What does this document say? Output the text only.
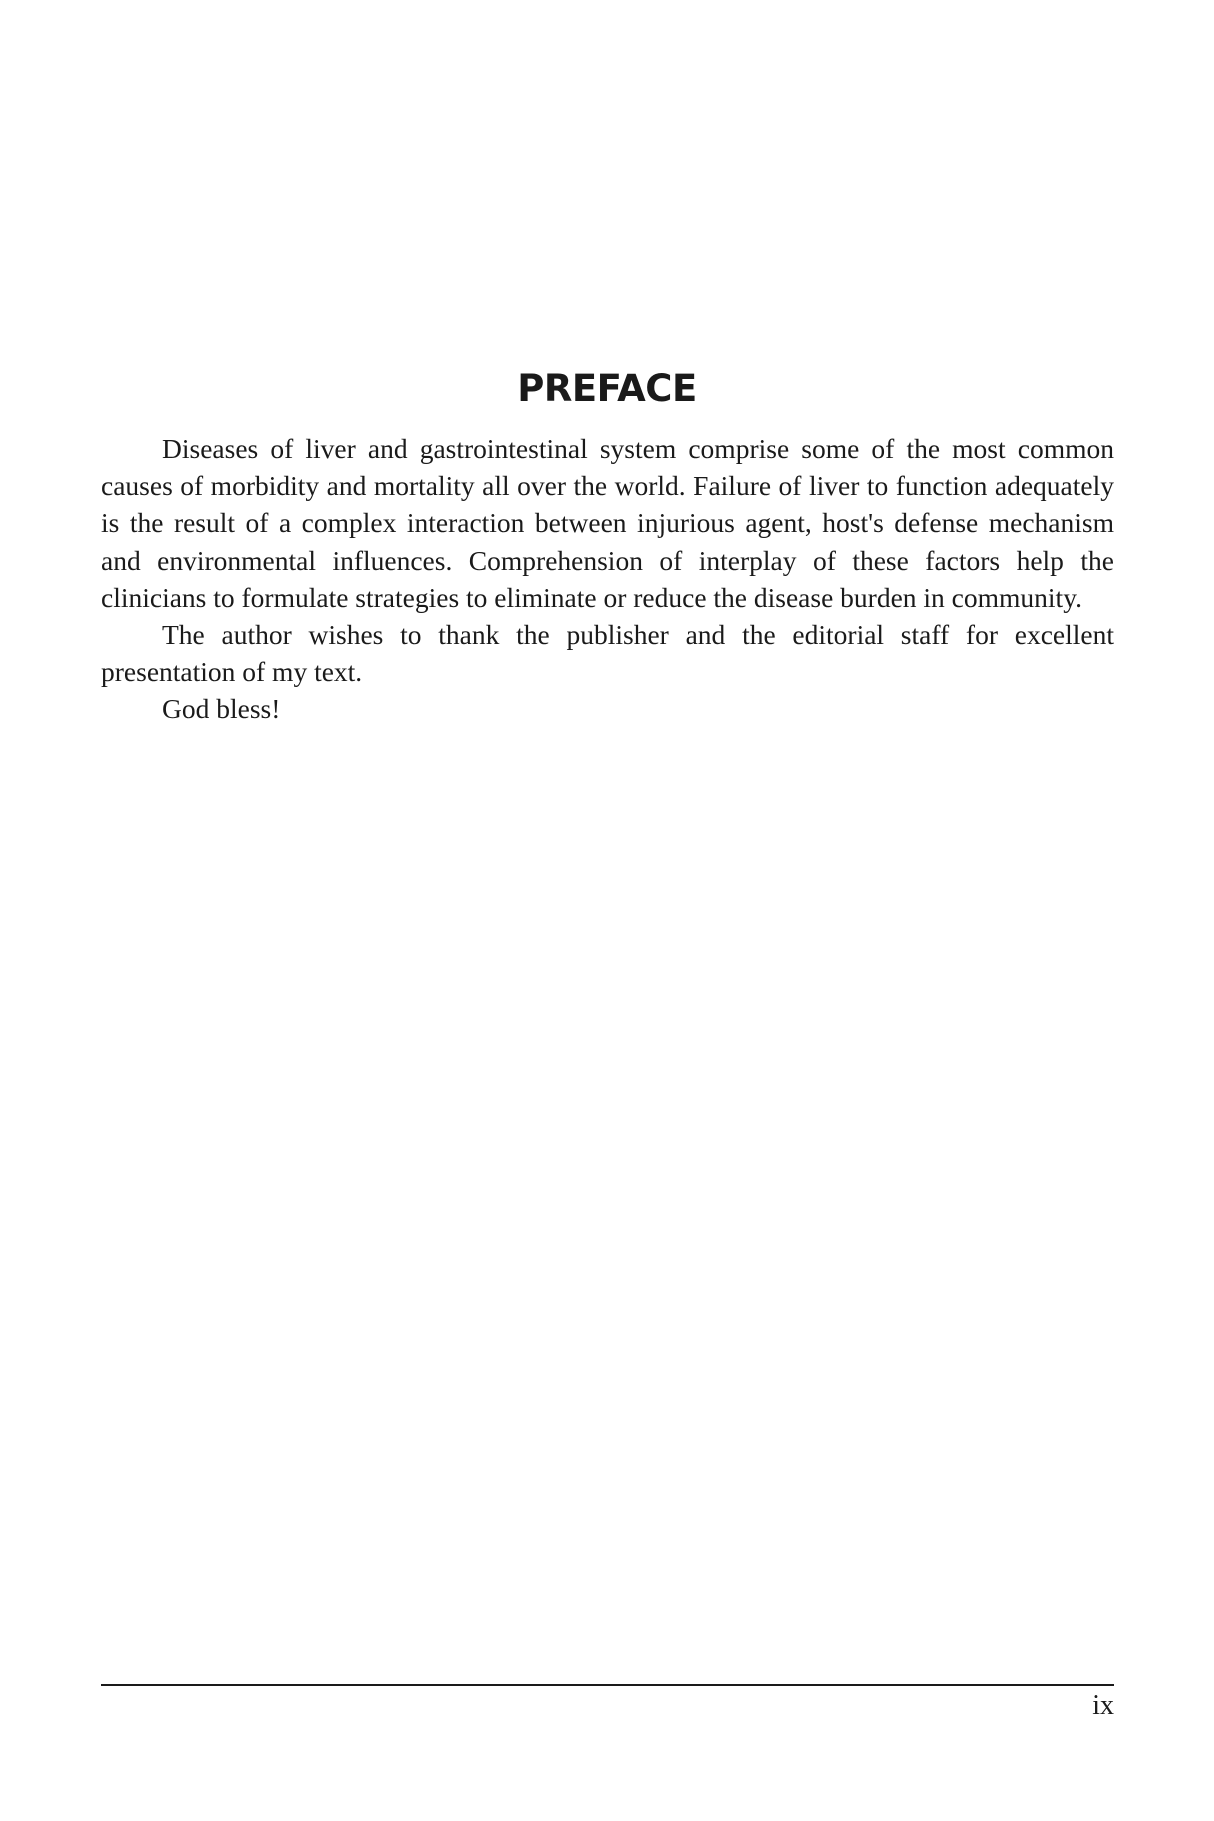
PREFACE

Diseases of liver and gastrointestinal system comprise some of the most common causes of morbidity and mortality all over the world. Failure of liver to function adequately is the result of a complex interaction between injurious agent, host's defense mechanism and environmental influences. Comprehension of interplay of these factors help the clinicians to formulate strategies to eliminate or reduce the disease burden in community.

The author wishes to thank the publisher and the editorial staff for excellent presentation of my text.

God bless!

ix
